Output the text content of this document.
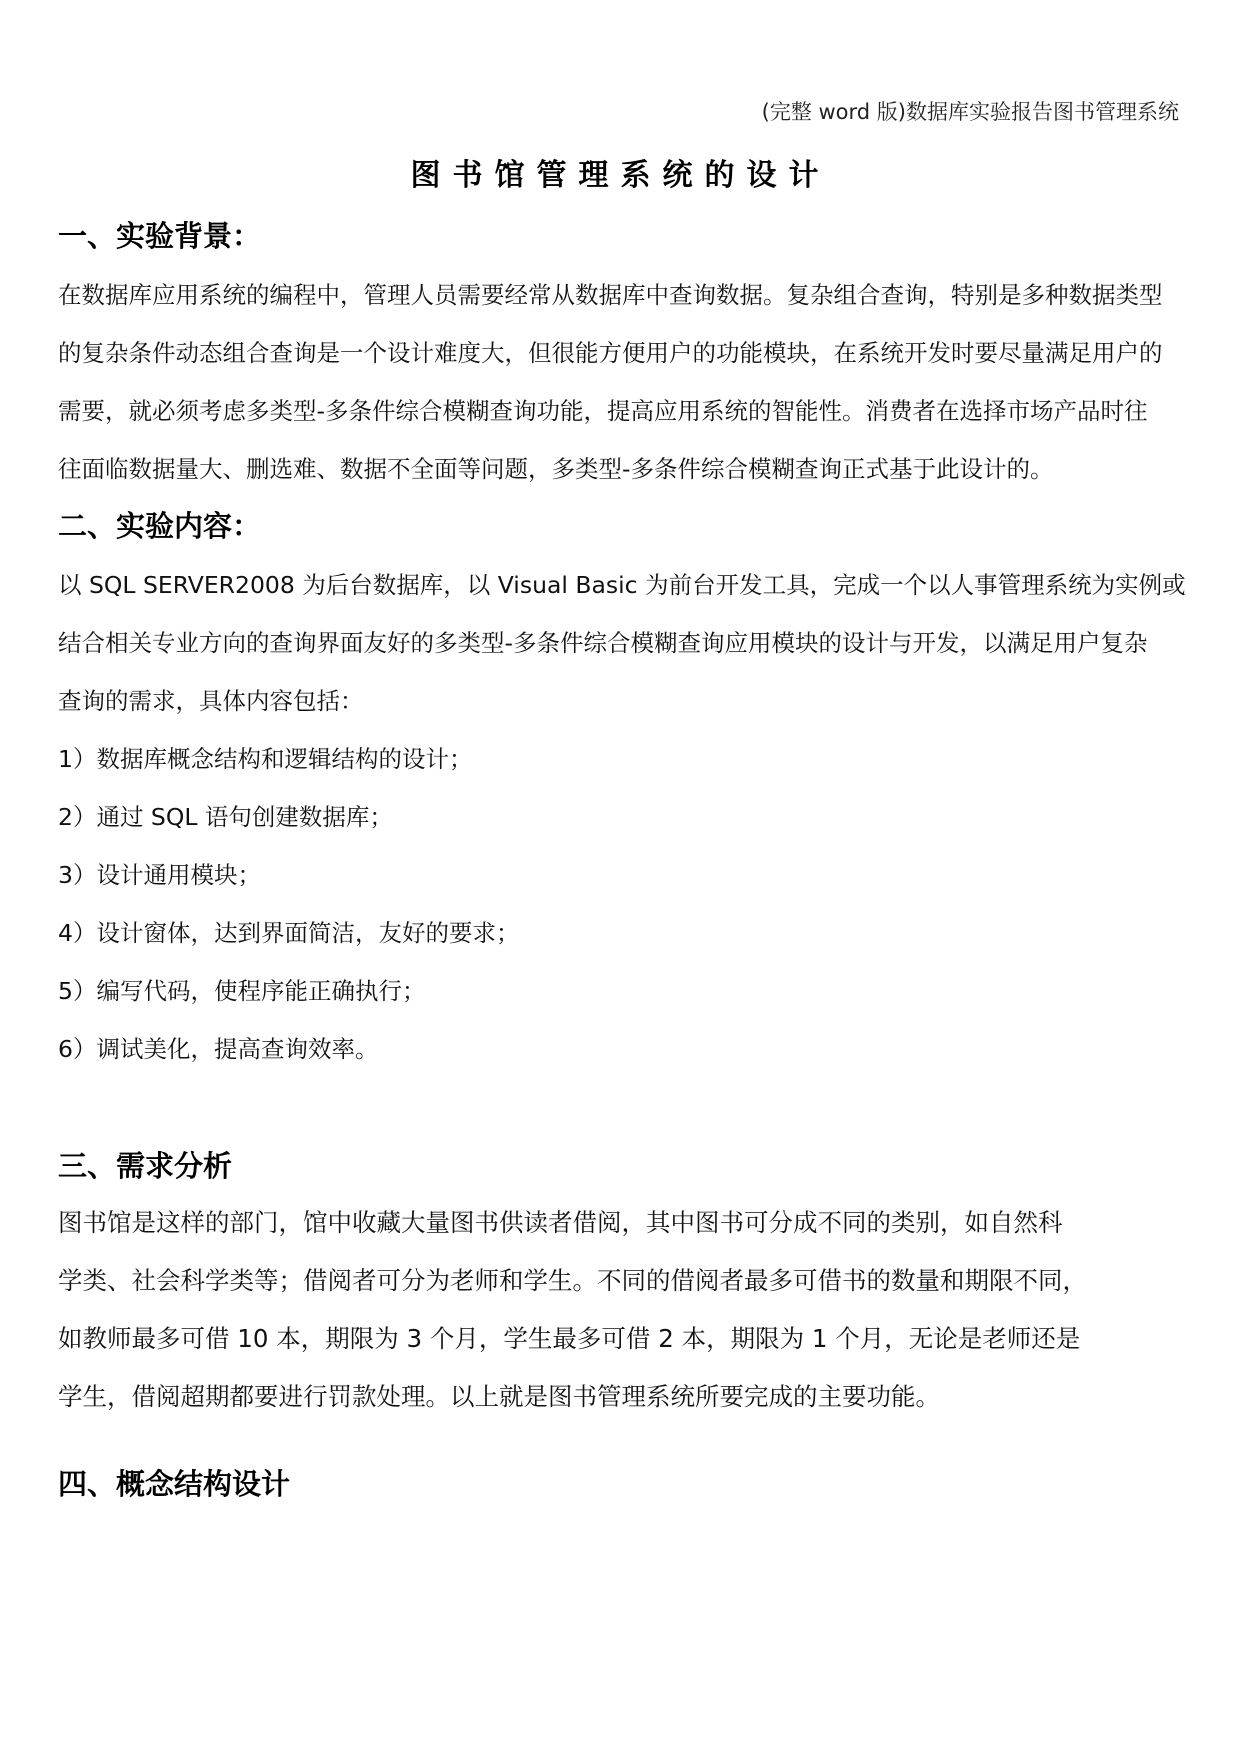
(完整 word 版)数据库实验报告图书管理系统
图书馆管理系统的设计
一、实验背景：
在数据库应用系统的编程中，管理人员需要经常从数据库中查询数据。复杂组合查询，特别是多种数据类型
的复杂条件动态组合查询是一个设计难度大，但很能方便用户的功能模块，在系统开发时要尽量满足用户的
需要，就必须考虑多类型-多条件综合模糊查询功能，提高应用系统的智能性。消费者在选择市场产品时往
往面临数据量大、删选难、数据不全面等问题，多类型-多条件综合模糊查询正式基于此设计的。
二、实验内容：
以 SQL SERVER2008 为后台数据库，以 Visual Basic 为前台开发工具，完成一个以人事管理系统为实例或
结合相关专业方向的查询界面友好的多类型-多条件综合模糊查询应用模块的设计与开发，以满足用户复杂
查询的需求，具体内容包括：
1）数据库概念结构和逻辑结构的设计；
2）通过 SQL 语句创建数据库；
3）设计通用模块；
4）设计窗体，达到界面简洁，友好的要求；
5）编写代码，使程序能正确执行；
6）调试美化，提高查询效率。
三、需求分析
图书馆是这样的部门，馆中收藏大量图书供读者借阅，其中图书可分成不同的类别，如自然科
学类、社会科学类等；借阅者可分为老师和学生。不同的借阅者最多可借书的数量和期限不同，
如教师最多可借 10 本，期限为 3 个月，学生最多可借 2 本，期限为 1 个月，无论是老师还是
学生，借阅超期都要进行罚款处理。以上就是图书管理系统所要完成的主要功能。
四、概念结构设计
